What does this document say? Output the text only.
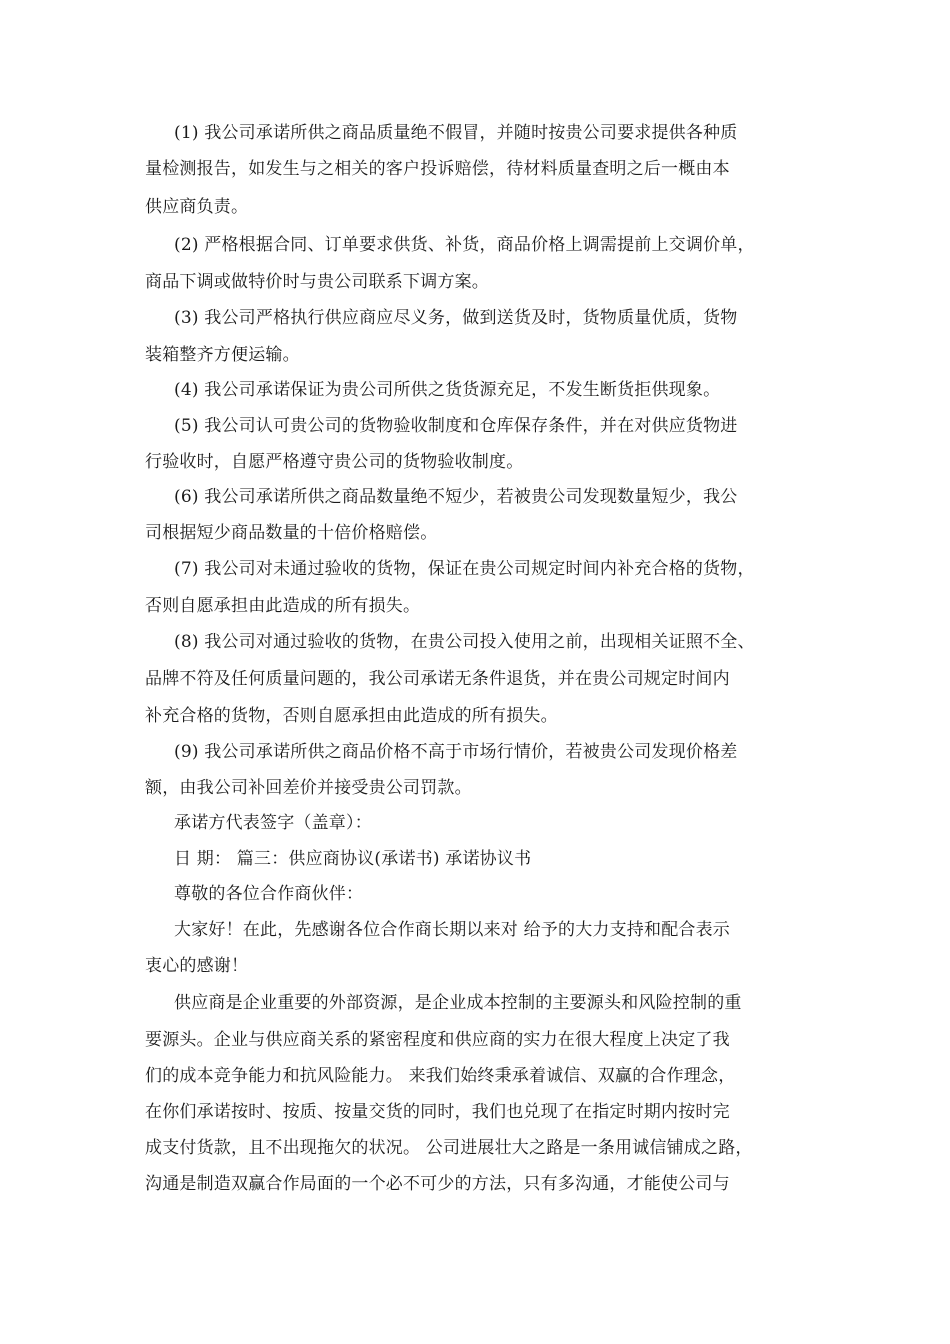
(1) 我公司承诺所供之商品质量绝不假冒，并随时按贵公司要求提供各种质
量检测报告，如发生与之相关的客户投诉赔偿，待材料质量查明之后一概由本
供应商负责。
(2) 严格根据合同、订单要求供货、补货，商品价格上调需提前上交调价单，
商品下调或做特价时与贵公司联系下调方案。
(3) 我公司严格执行供应商应尽义务，做到送货及时，货物质量优质，货物
装箱整齐方便运输。
(4) 我公司承诺保证为贵公司所供之货货源充足，不发生断货拒供现象。
(5) 我公司认可贵公司的货物验收制度和仓库保存条件，并在对供应货物进
行验收时，自愿严格遵守贵公司的货物验收制度。
(6) 我公司承诺所供之商品数量绝不短少，若被贵公司发现数量短少，我公
司根据短少商品数量的十倍价格赔偿。
(7) 我公司对未通过验收的货物，保证在贵公司规定时间内补充合格的货物，
否则自愿承担由此造成的所有损失。
(8) 我公司对通过验收的货物，在贵公司投入使用之前，出现相关证照不全、
品牌不符及任何质量问题的，我公司承诺无条件退货，并在贵公司规定时间内
补充合格的货物，否则自愿承担由此造成的所有损失。
(9) 我公司承诺所供之商品价格不高于市场行情价，若被贵公司发现价格差
额，由我公司补回差价并接受贵公司罚款。
承诺方代表签字（盖章）：
日 期： 篇三：供应商协议(承诺书) 承诺协议书
尊敬的各位合作商伙伴：
大家好！在此，先感谢各位合作商长期以来对 给予的大力支持和配合表示
衷心的感谢！
供应商是企业重要的外部资源，是企业成本控制的主要源头和风险控制的重
要源头。企业与供应商关系的紧密程度和供应商的实力在很大程度上决定了我
们的成本竞争能力和抗风险能力。 来我们始终秉承着诚信、双赢的合作理念，
在你们承诺按时、按质、按量交货的同时，我们也兑现了在指定时期内按时完
成支付货款，且不出现拖欠的状况。 公司进展壮大之路是一条用诚信铺成之路，
沟通是制造双赢合作局面的一个必不可少的方法，只有多沟通，才能使公司与
